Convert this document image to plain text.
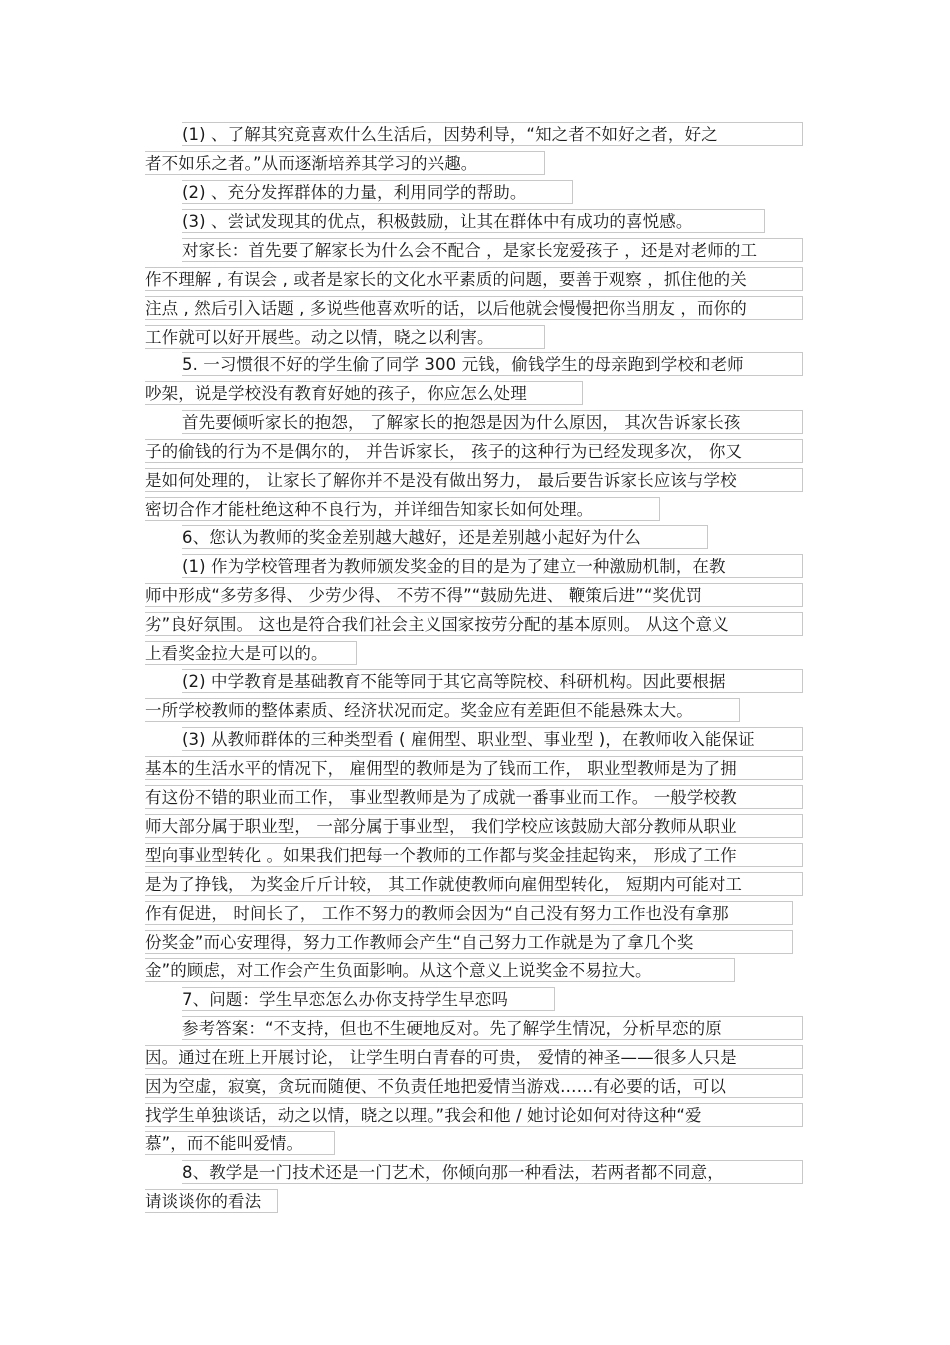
(1) 、了解其究竟喜欢什么生活后，因势利导，“知之者不如好之者，好之
者不如乐之者。”从而逐渐培养其学习的兴趣。
(2) 、充分发挥群体的力量，利用同学的帮助。
(3) 、尝试发现其的优点，积极鼓励，让其在群体中有成功的喜悦感。
对家长：首先要了解家长为什么会不配合 ，是家长宠爱孩子 ，还是对老师的工
作不理解 , 有误会 , 或者是家长的文化水平素质的问题，要善于观察 ，抓住他的关
注点 , 然后引入话题 , 多说些他喜欢听的话，以后他就会慢慢把你当朋友 ，而你的
工作就可以好开展些。动之以情，晓之以利害。
5. 一习惯很不好的学生偷了同学 300 元钱，偷钱学生的母亲跑到学校和老师
吵架，说是学校没有教育好她的孩子，你应怎么处理
首先要倾听家长的抱怨， 了解家长的抱怨是因为什么原因， 其次告诉家长孩
子的偷钱的行为不是偶尔的， 并告诉家长， 孩子的这种行为已经发现多次， 你又
是如何处理的， 让家长了解你并不是没有做出努力， 最后要告诉家长应该与学校
密切合作才能杜绝这种不良行为，并详细告知家长如何处理。
6、您认为教师的奖金差别越大越好，还是差别越小起好为什么
(1) 作为学校管理者为教师颁发奖金的目的是为了建立一种激励机制，在教
师中形成“多劳多得、 少劳少得、 不劳不得”“鼓励先进、 鞭策后进”“奖优罚
劣”良好氛围。 这也是符合我们社会主义国家按劳分配的基本原则。 从这个意义
上看奖金拉大是可以的。
(2) 中学教育是基础教育不能等同于其它高等院校、科研机构。因此要根据
一所学校教师的整体素质、经济状况而定。奖金应有差距但不能悬殊太大。
(3) 从教师群体的三种类型看 ( 雇佣型、职业型、事业型 )，在教师收入能保证
基本的生活水平的情况下， 雇佣型的教师是为了钱而工作， 职业型教师是为了拥
有这份不错的职业而工作， 事业型教师是为了成就一番事业而工作。 一般学校教
师大部分属于职业型， 一部分属于事业型， 我们学校应该鼓励大部分教师从职业
型向事业型转化 。如果我们把每一个教师的工作都与奖金挂起钩来， 形成了工作
是为了挣钱， 为奖金斤斤计较， 其工作就使教师向雇佣型转化， 短期内可能对工
作有促进， 时间长了， 工作不努力的教师会因为“自己没有努力工作也没有拿那
份奖金”而心安理得，努力工作教师会产生“自己努力工作就是为了拿几个奖
金”的顾虑，对工作会产生负面影响。从这个意义上说奖金不易拉大。
7、问题：学生早恋怎么办你支持学生早恋吗
参考答案：“不支持，但也不生硬地反对。先了解学生情况，分析早恋的原
因。通过在班上开展讨论， 让学生明白青春的可贵， 爱情的神圣——很多人只是
因为空虚，寂寞，贪玩而随便、不负责任地把爱情当游戏……有必要的话，可以
找学生单独谈话，动之以情，晓之以理。”我会和他 / 她讨论如何对待这种“爱
慕”，而不能叫爱情。
8、教学是一门技术还是一门艺术，你倾向那一种看法，若两者都不同意，
请谈谈你的看法
